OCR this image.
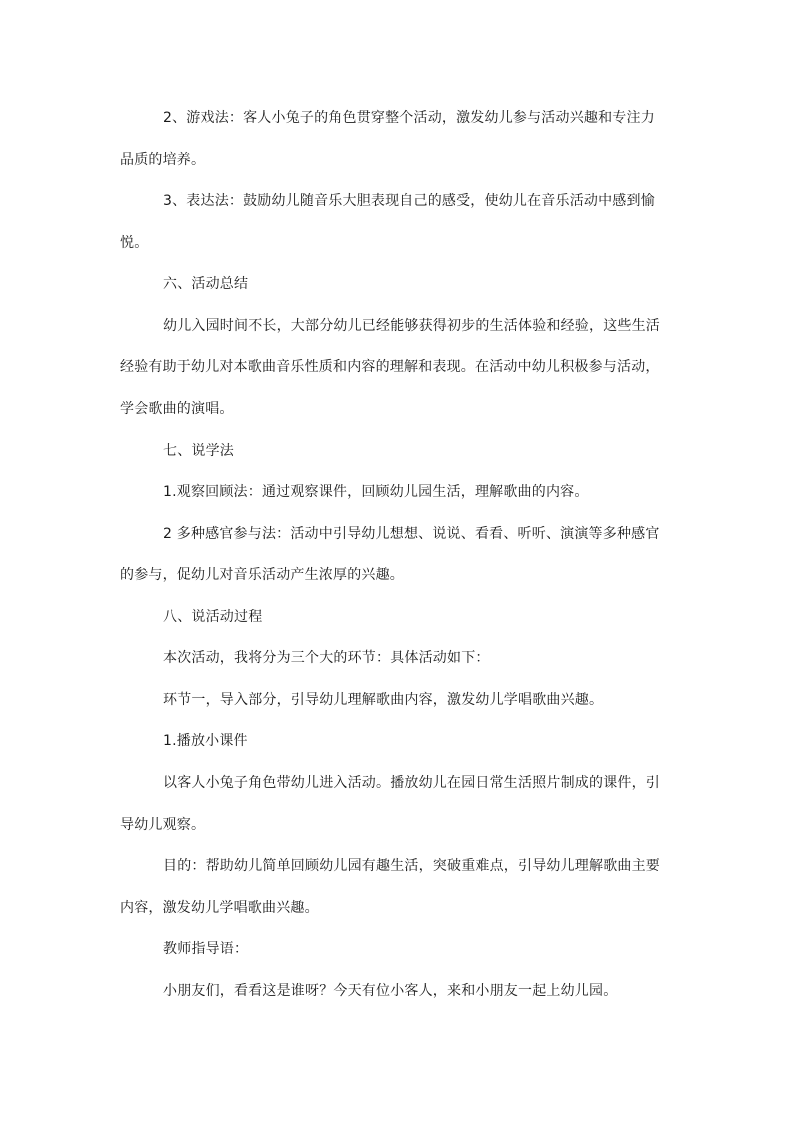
2、游戏法：客人小兔子的角色贯穿整个活动，激发幼儿参与活动兴趣和专注力
品质的培养。
3、表达法：鼓励幼儿随音乐大胆表现自己的感受，使幼儿在音乐活动中感到愉
悦。
六、活动总结
幼儿入园时间不长，大部分幼儿已经能够获得初步的生活体验和经验，这些生活
经验有助于幼儿对本歌曲音乐性质和内容的理解和表现。在活动中幼儿积极参与活动，
学会歌曲的演唱。
七、说学法
1.观察回顾法：通过观察课件，回顾幼儿园生活，理解歌曲的内容。
2 多种感官参与法：活动中引导幼儿想想、说说、看看、听听、演演等多种感官
的参与，促幼儿对音乐活动产生浓厚的兴趣。
八、说活动过程
本次活动，我将分为三个大的环节：具体活动如下：
环节一，导入部分，引导幼儿理解歌曲内容，激发幼儿学唱歌曲兴趣。
1.播放小课件
以客人小兔子角色带幼儿进入活动。播放幼儿在园日常生活照片制成的课件，引
导幼儿观察。
目的：帮助幼儿简单回顾幼儿园有趣生活，突破重难点，引导幼儿理解歌曲主要
内容，激发幼儿学唱歌曲兴趣。
教师指导语：
小朋友们，看看这是谁呀？今天有位小客人，来和小朋友一起上幼儿园。
